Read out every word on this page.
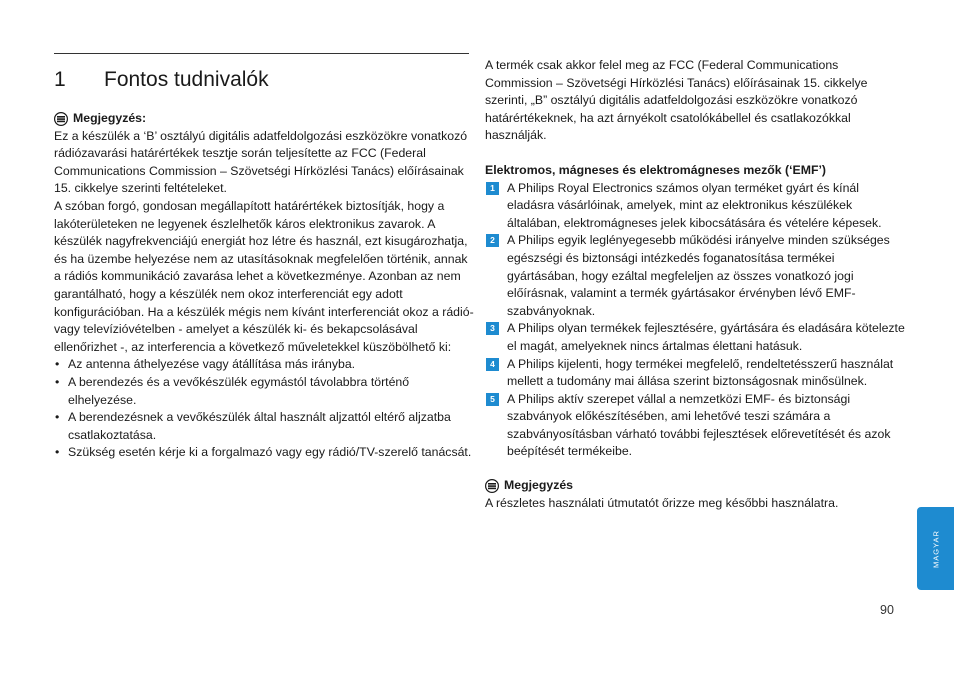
1 Fontos tudnivalók
Megjegyzés:

Ez a készülék a ‘B’ osztályú digitális adatfeldolgozási eszközökre vonatkozó rádiózavarási határértékek tesztje során teljesítette az FCC (Federal Communications Commission – Szövetségi Hírközlési Tanács) előírásainak 15. cikkelye szerinti feltételeket.

A szóban forgó, gondosan megállapított határértékek biztosítják, hogy a lakóterületeken ne legyenek észlelhetők káros elektronikus zavarok. A készülék nagyfrekvenciájú energiát hoz létre és használ, ezt kisugározhatja, és ha üzembe helyezése nem az utasításoknak megfelelően történik, annak a rádiós kommunikáció zavarása lehet a következménye. Azonban az nem garantálható, hogy a készülék nem okoz interferenciát egy adott konfigurációban. Ha a készülék mégis nem kívánt interferenciát okoz a rádió- vagy televízióvételben - amelyet a készülék ki- és bekapcsolásával ellenőrizhet -, az interferencia a következő műveletekkel küszöbölhető ki:

• Az antenna áthelyezése vagy átállítása más irányba.
• A berendezés és a vevőkészülék egymástól távolabbra történő elhelyezése.
• A berendezésnek a vevőkészülék által használt aljzattól eltérő aljzatba csatlakoztatása.
• Szükség esetén kérje ki a forgalmazó vagy egy rádió/TV-szerelő tanácsát.

A termék csak akkor felel meg az FCC (Federal Communications Commission – Szövetségi Hírközlési Tanács) előírásainak 15. cikkelye szerinti, „B” osztályú digitális adatfeldolgozási eszközökre vonatkozó határértékeknek, ha azt árnyékolt csatolókábellel és csatlakozókkal használják.

Elektromos, mágneses és elektromágneses mezők (‘EMF’)
1 A Philips Royal Electronics számos olyan terméket gyárt és kínál eladásra vásárlóinak, amelyek, mint az elektronikus készülékek általában, elektromágneses jelek kibocsátására és vételére képesek.
2 A Philips egyik leglényegesebb működési irányelve minden szükséges egészségi és biztonsági intézkedés foganatosítása termékei gyártásában, hogy ezáltal megfeleljen az összes vonatkozó jogi előírásnak, valamint a termék gyártásakor érvényben lévő EMF-szabványoknak.
3 A Philips olyan termékek fejlesztésére, gyártására és eladására kötelezte el magát, amelyeknek nincs ártalmas élettani hatásuk.
4 A Philips kijelenti, hogy termékei megfelelő, rendeltetésszerű használat mellett a tudomány mai állása szerint biztonságosnak minősülnek.
5 A Philips aktív szerepet vállal a nemzetközi EMF- és biztonsági szabványok előkészítésében, ami lehetővé teszi számára a szabványosításban várható további fejlesztések előrevetítését és azok beépítését termékeibe.
Megjegyzés

A részletes használati útmutatót őrizze meg későbbi használatra.

MAGYAR
90
